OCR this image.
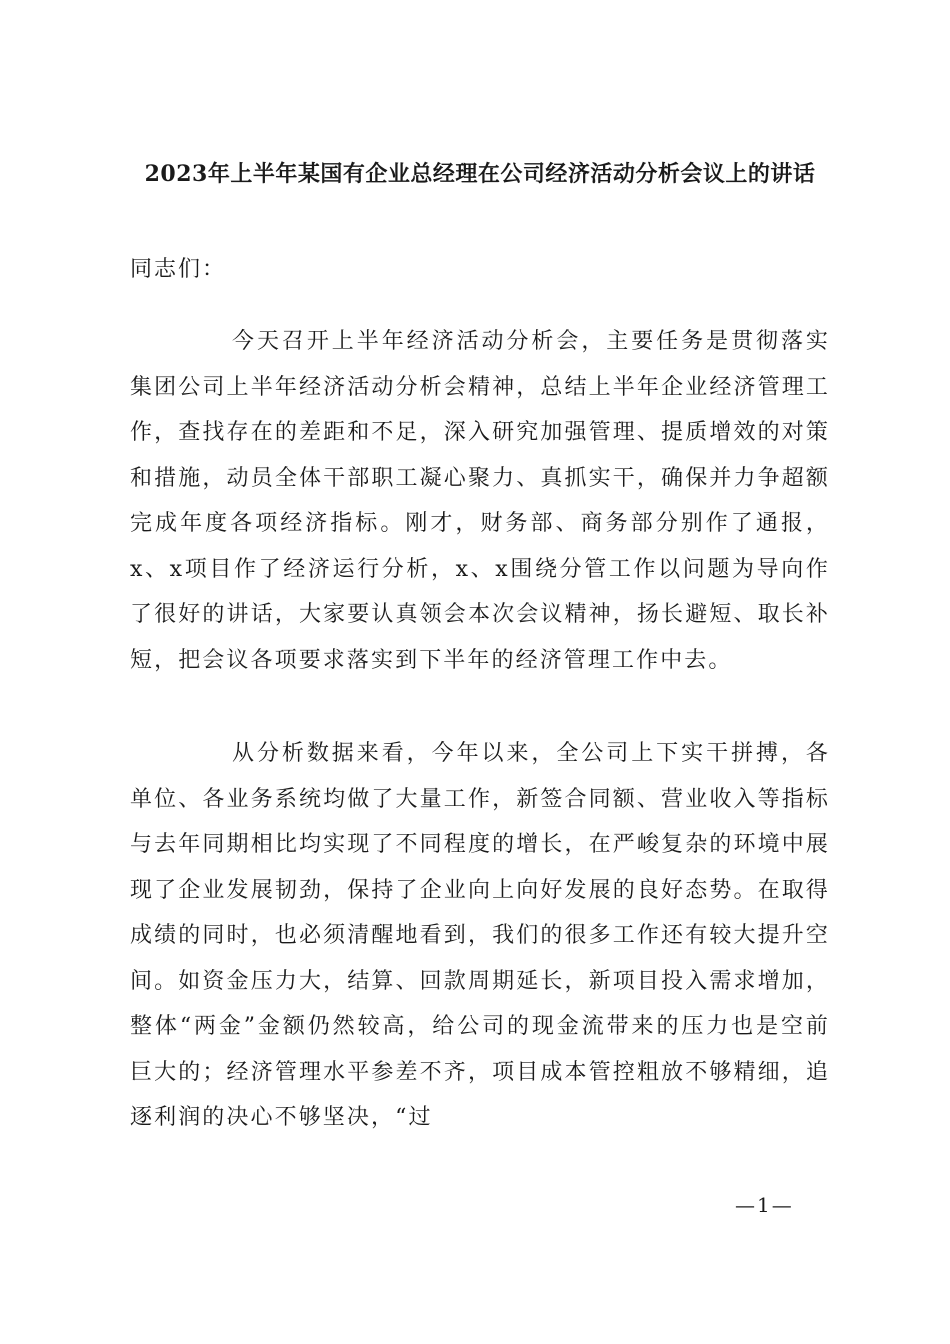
2023年上半年某国有企业总经理在公司经济活动分析会议上的讲话

同志们：

今天召开上半年经济活动分析会，主要任务是贯彻落实集团公司上半年经济活动分析会精神，总结上半年企业经济管理工作，查找存在的差距和不足，深入研究加强管理、提质增效的对策和措施，动员全体干部职工凝心聚力、真抓实干，确保并力争超额完成年度各项经济指标。刚才，财务部、商务部分别作了通报，x、x项目作了经济运行分析，x、x围绕分管工作以问题为导向作了很好的讲话，大家要认真领会本次会议精神，扬长避短、取长补短，把会议各项要求落实到下半年的经济管理工作中去。

从分析数据来看，今年以来，全公司上下实干拼搏，各单位、各业务系统均做了大量工作，新签合同额、营业收入等指标与去年同期相比均实现了不同程度的增长，在严峻复杂的环境中展现了企业发展韧劲，保持了企业向上向好发展的良好态势。在取得成绩的同时，也必须清醒地看到，我们的很多工作还有较大提升空间。如资金压力大，结算、回款周期延长，新项目投入需求增加，整体“两金”金额仍然较高，给公司的现金流带来的压力也是空前巨大的；经济管理水平参差不齐，项目成本管控粗放不够精细，追逐利润的决心不够坚决，“过

—1—
